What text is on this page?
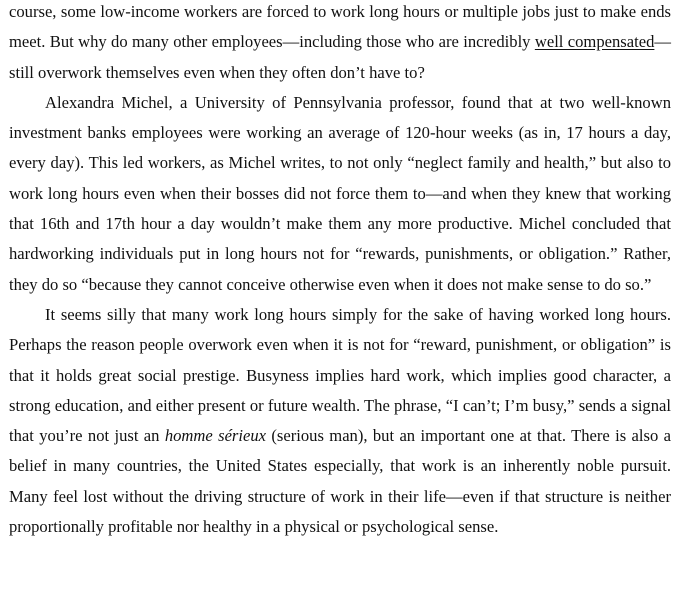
course, some low-income workers are forced to work long hours or multiple jobs just to make ends meet. But why do many other employees—including those who are incredibly well compensated—still overwork themselves even when they often don’t have to?

Alexandra Michel, a University of Pennsylvania professor, found that at two well-known investment banks employees were working an average of 120-hour weeks (as in, 17 hours a day, every day). This led workers, as Michel writes, to not only “neglect family and health,” but also to work long hours even when their bosses did not force them to—and when they knew that working that 16th and 17th hour a day wouldn’t make them any more productive. Michel concluded that hardworking individuals put in long hours not for “rewards, punishments, or obligation.” Rather, they do so “because they cannot conceive otherwise even when it does not make sense to do so.”

It seems silly that many work long hours simply for the sake of having worked long hours. Perhaps the reason people overwork even when it is not for “reward, punishment, or obligation” is that it holds great social prestige. Busyness implies hard work, which implies good character, a strong education, and either present or future wealth. The phrase, “I can’t; I’m busy,” sends a signal that you’re not just an homme sérieux (serious man), but an important one at that. There is also a belief in many countries, the United States especially, that work is an inherently noble pursuit. Many feel lost without the driving structure of work in their life—even if that structure is neither proportionally profitable nor healthy in a physical or psychological sense.
